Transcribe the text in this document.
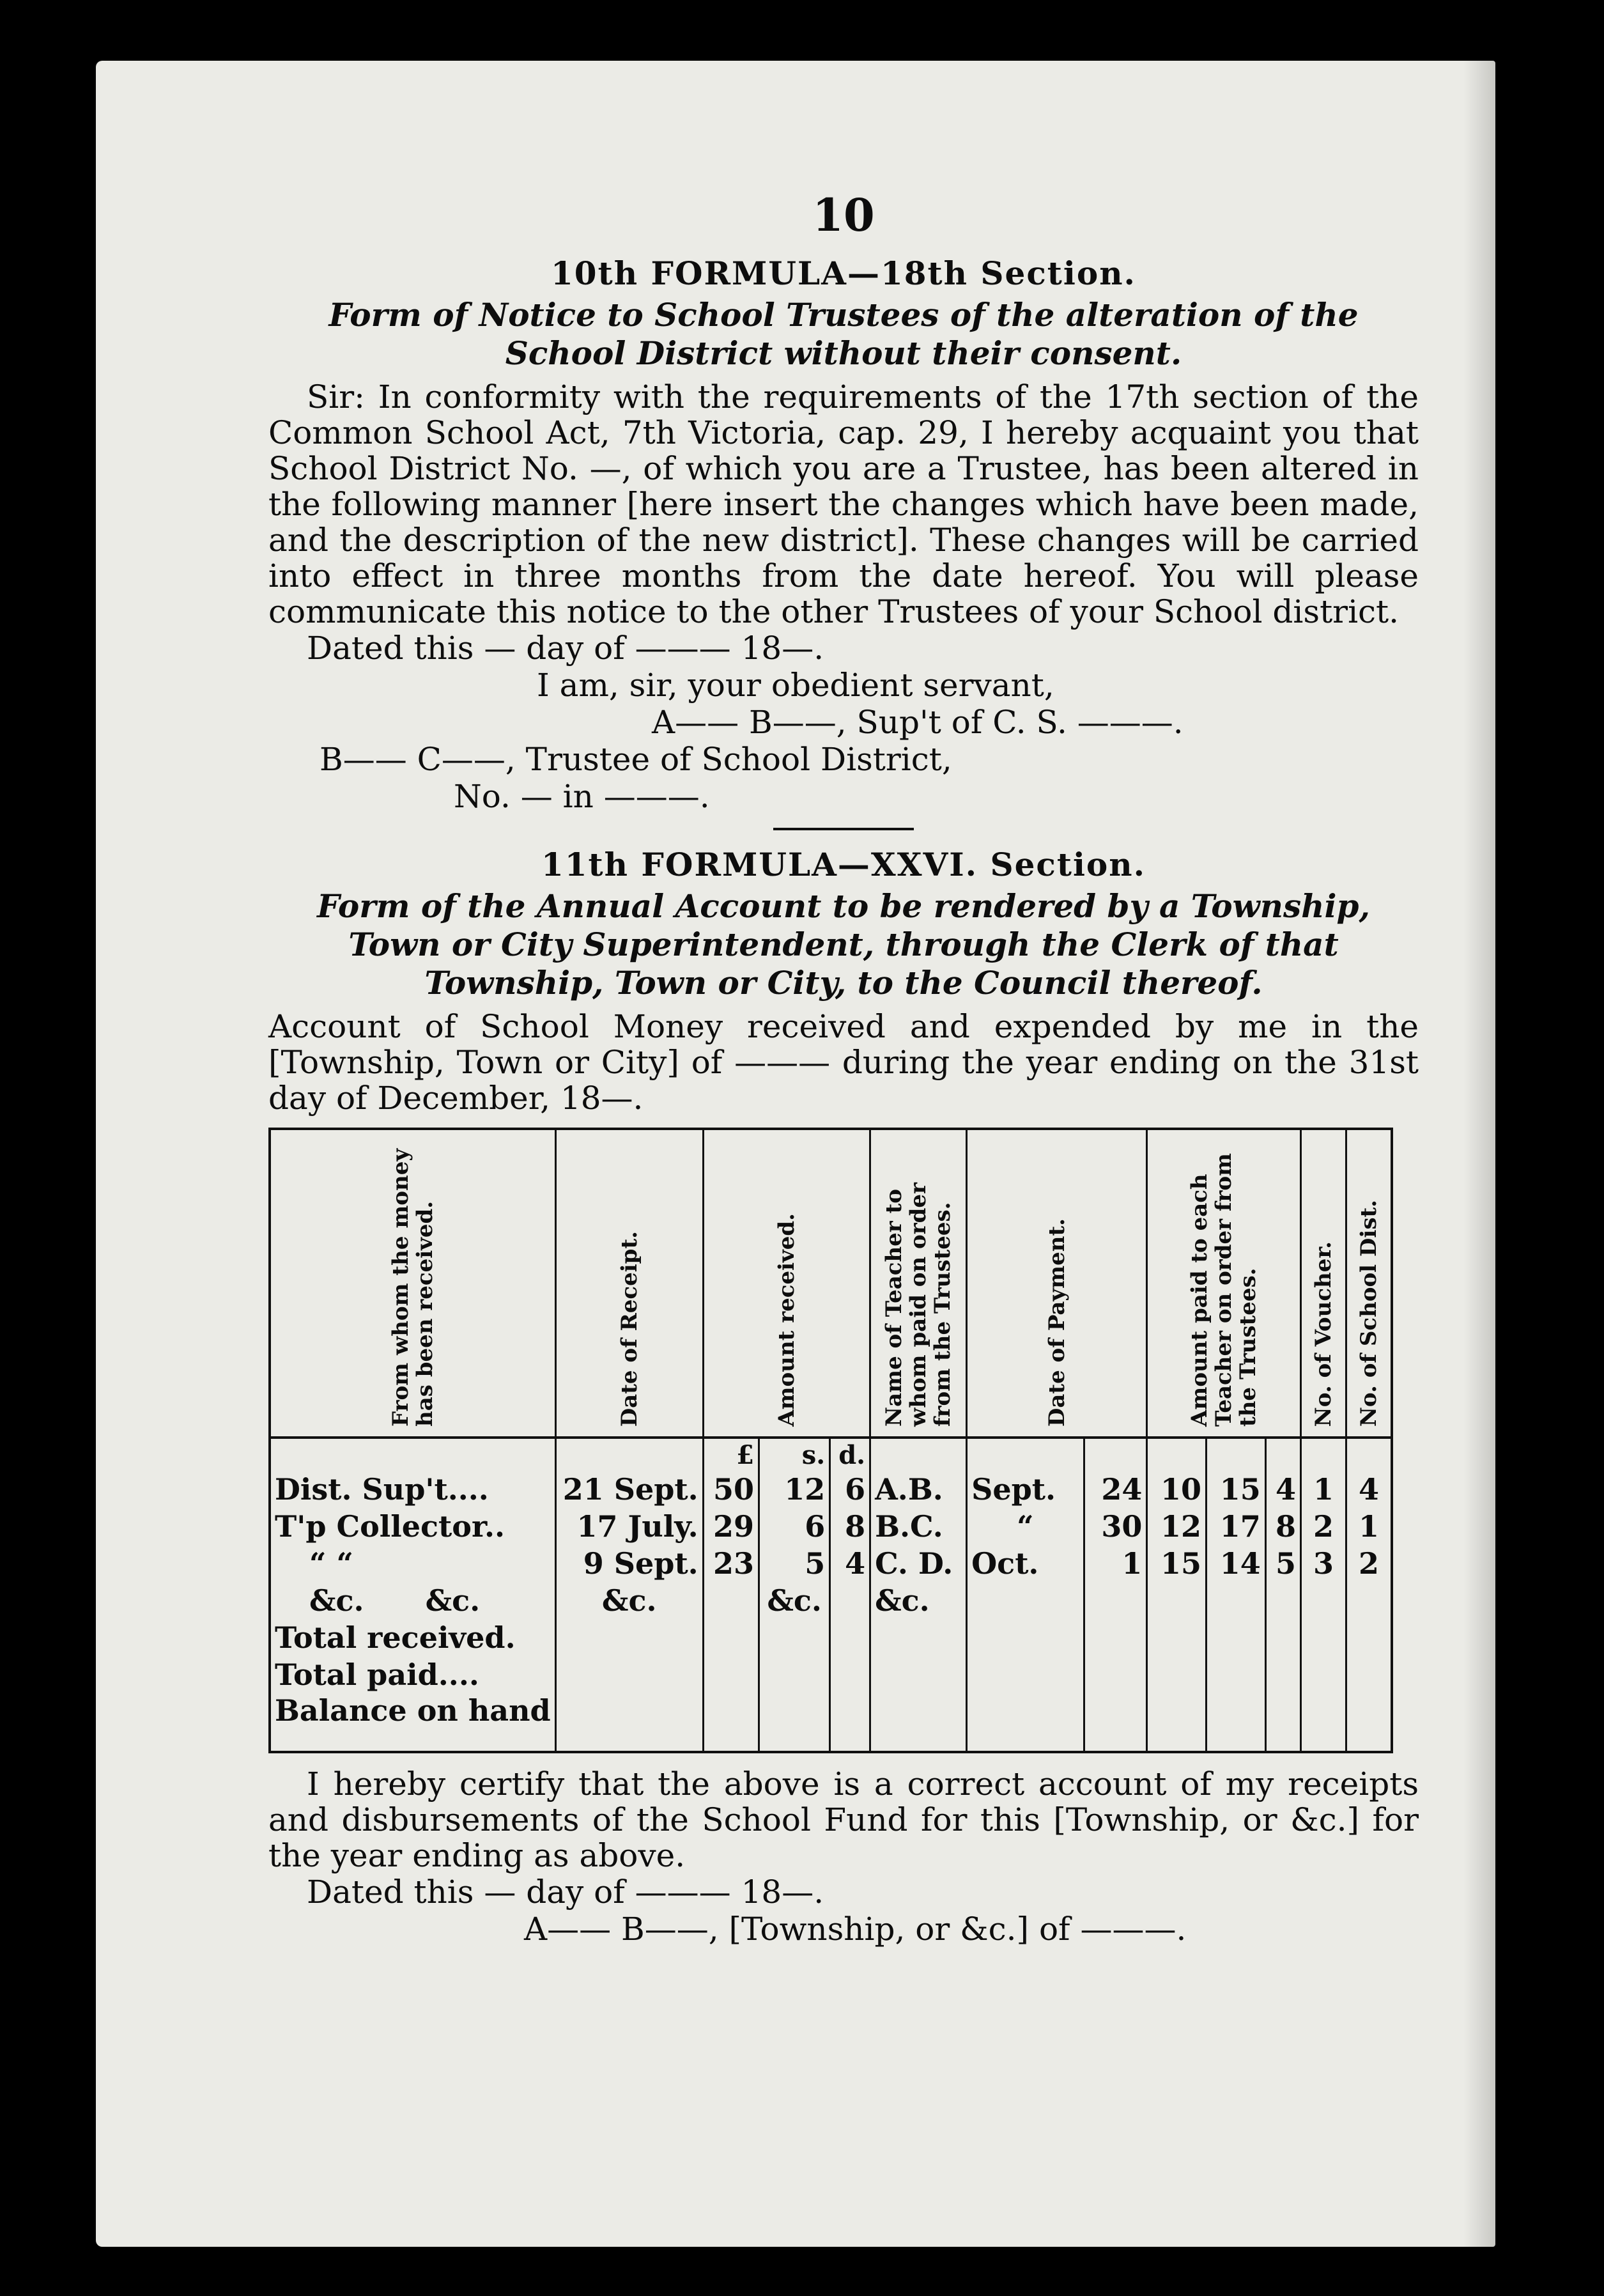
10

10th FORMULA—18th Section.

Form of Notice to School Trustees of the alteration of the
School District without their consent.

Sir: In conformity with the requirements of the 17th section of the Common School Act, 7th Victoria, cap. 29, I hereby acquaint you that School District No. —, of which you are a Trustee, has been altered in the following manner [here insert the changes which have been made, and the description of the new district]. These changes will be carried into effect in three months from the date hereof. You will please communicate this notice to the other Trustees of your School district.

Dated this — day of ——— 18—.

I am, sir, your obedient servant,

A—— B——, Sup't of C. S. ———.

B—— C——, Trustee of School District,

No. — in ———.

11th FORMULA—XXVI. Section.

Form of the Annual Account to be rendered by a Township,
Town or City Superintendent, through the Clerk of that
Township, Town or City, to the Council thereof.

Account of School Money received and expended by me in the [Township, Town or City] of ——— during the year ending on the 31st day of December, 18—.

From whom the money has been received.	Date of Receipt.	Amount received.			Name of Teacher to whom paid on order from the Trustees.	Date of Payment.		Amount paid to each Teacher on order from the Trustees.			No. of Voucher.	No. of School Dist.
		£	s.	d.								
Dist. Sup't....	21 Sept.	50	12	6	A.B.	Sept.	24	10	15	4	1	4
T'p Collector..	17 July.	29	6	8	B.C.	“	30	12	17	8	2	1
“ “	9 Sept.	23	5	4	C. D.	Oct.	1	15	14	5	3	2
&c.      &c.	&c.		&c.		&c.							
Total received.												
Total paid....												
Balance on hand												

I hereby certify that the above is a correct account of my receipts and disbursements of the School Fund for this [Township, or &c.] for the year ending as above.

Dated this — day of ——— 18—.

A—— B——, [Township, or &c.] of ———.
